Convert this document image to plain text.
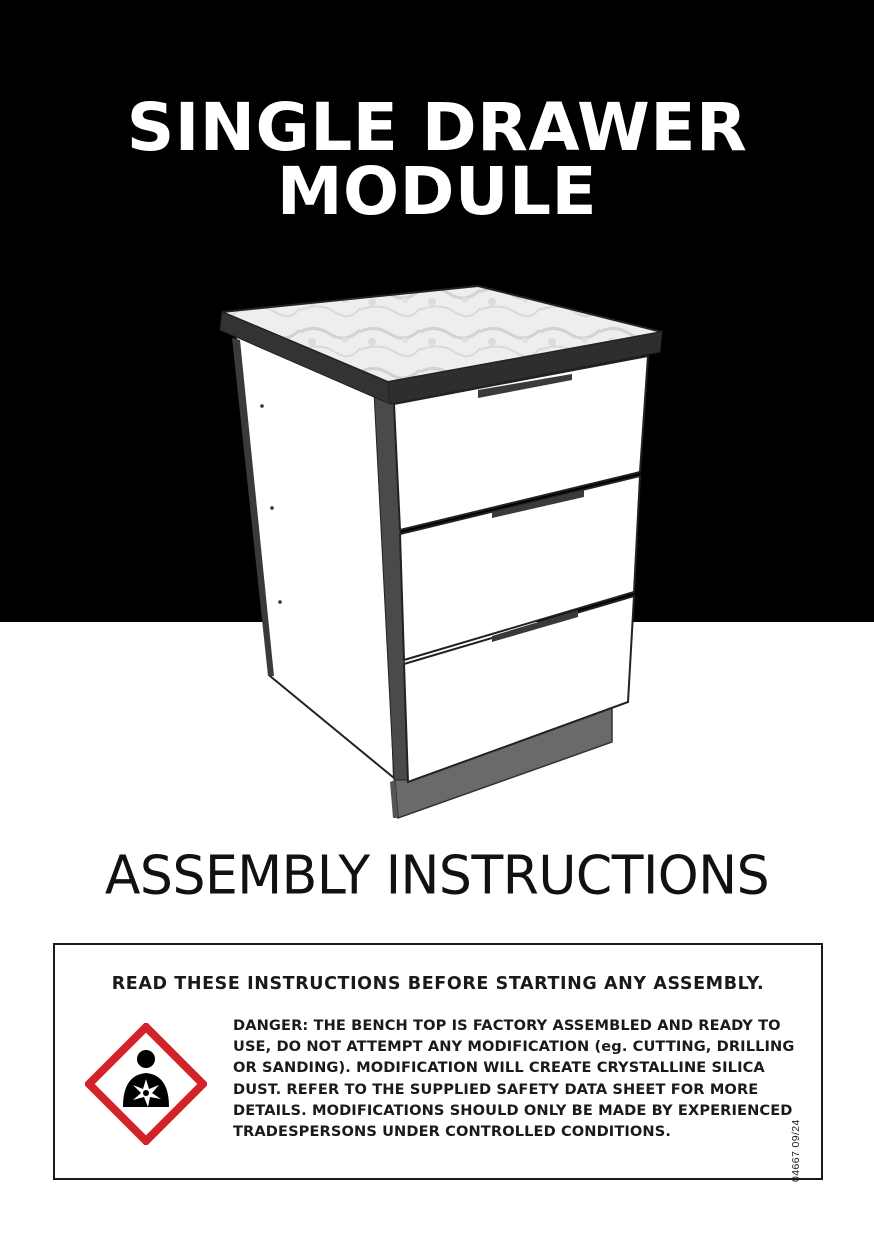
SINGLE DRAWER
MODULE
ASSEMBLY INSTRUCTIONS
READ THESE INSTRUCTIONS BEFORE STARTING ANY ASSEMBLY.
DANGER: THE BENCH TOP IS FACTORY ASSEMBLED AND READY TO USE, DO NOT ATTEMPT ANY MODIFICATION (eg. CUTTING, DRILLING OR SANDING). MODIFICATION WILL CREATE CRYSTALLINE SILICA DUST. REFER TO THE SUPPLIED SAFETY DATA SHEET FOR MORE DETAILS. MODIFICATIONS SHOULD ONLY BE MADE BY EXPERIENCED TRADESPERSONS UNDER CONTROLLED CONDITIONS.	04667 09/24
